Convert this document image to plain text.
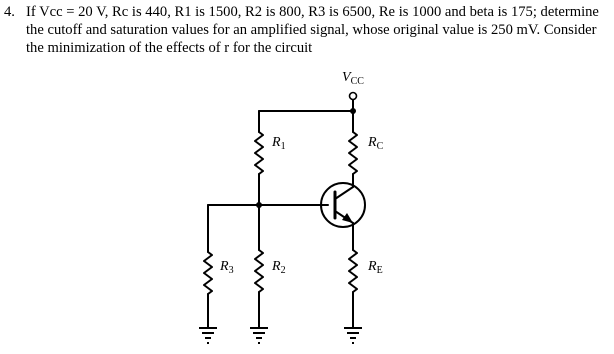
4. If Vcc = 20 V, Rc is 440, R1 is 1500, R2 is 800, R3 is 6500, Re is 1000 and beta is 175; determine the cutoff and saturation values for an amplified signal, whose original value is 250 mV. Consider the minimization of the effects of r for the circuit
$V_{CC}$
$R_1$	$R_C$
$R_3$	$R_2$	$R_E$
